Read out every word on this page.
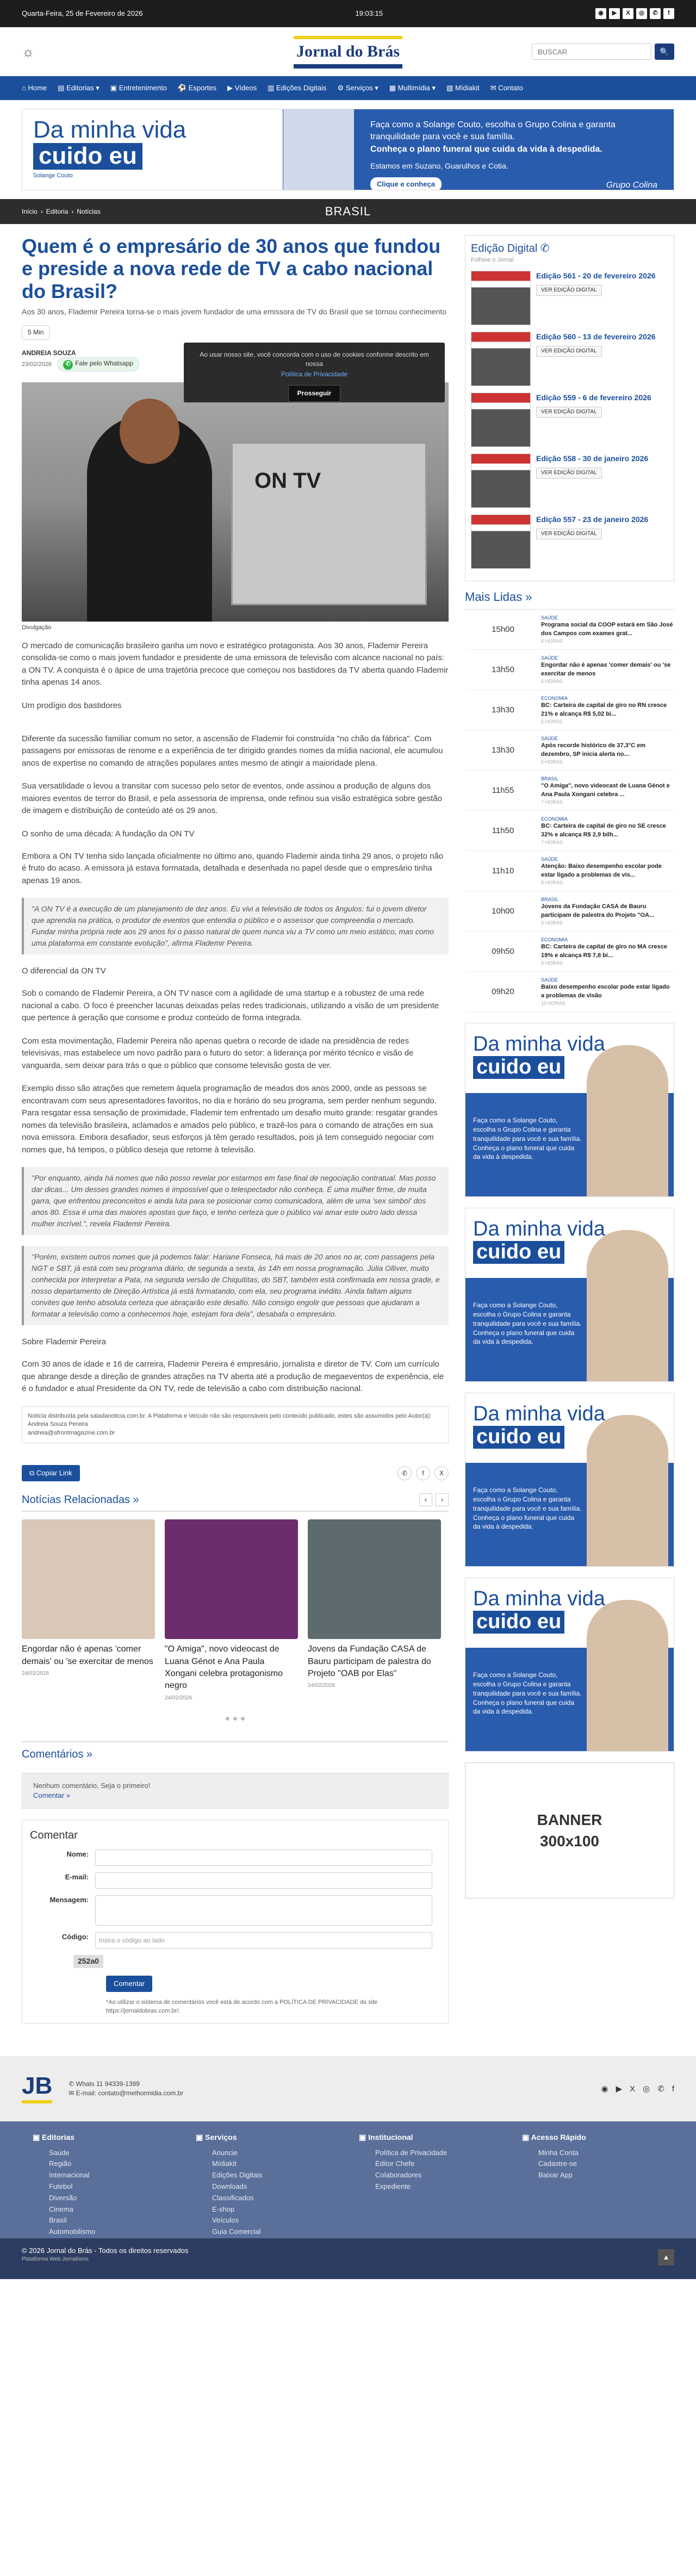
Quarta-Feira, 25 de Fevereiro de 2026	19:03:15	◉	▶	X	◎	✆	f
☼	Jornal do Brás
BUSCAR	🔍
⌂ Home ▤ Editorias ▾ ▣ Entretenimento ⚽ Esportes ▶ Vídeos ▥ Edições Digitais ⚙ Serviços ▾ ▦ Multimídia ▾ ▧ Mídiakit ✉ Contato
Da minha vida
cuido eu
Solange Couto
Faça como a Solange Couto, escolha o Grupo Colina e garanta tranquilidade para você e sua família.
Conheça o plano funeral que cuida da vida à despedida.
Estamos em Suzano, Guarulhos e Cotia.
Clique e conheça	Grupo Colina
Início › Editoria › Notícias	BRASIL
Quem é o empresário de 30 anos que fundou e preside a nova rede de TV a cabo nacional do Brasil?
Aos 30 anos, Flademir Pereira torna-se o mais jovem fundador de uma emissora de TV do Brasil que se tornou conhecimento
5 Min
ANDREIA SOUZA
23/02/2026	✆ Fale pelo Whatsapp
ON TV
Divulgação

O mercado de comunicação brasileiro ganha um novo e estratégico protagonista. Aos 30 anos, Flademir Pereira consolida-se como o mais jovem fundador e presidente de uma emissora de televisão com alcance nacional no país: a ON TV. A conquista é o ápice de uma trajetória precoce que começou nos bastidores da TV aberta quando Flademir tinha apenas 14 anos.

Um prodígio dos bastidores

Diferente da sucessão familiar comum no setor, a ascensão de Flademir foi construída "no chão da fábrica". Com passagens por emissoras de renome e a experiência de ter dirigido grandes nomes da mídia nacional, ele acumulou anos de expertise no comando de atrações populares antes mesmo de atingir a maioridade plena.

Sua versatilidade o levou a transitar com sucesso pelo setor de eventos, onde assinou a produção de alguns dos maiores eventos de terror do Brasil, e pela assessoria de imprensa, onde refinou sua visão estratégica sobre gestão de imagem e distribuição de conteúdo até os 29 anos.

O sonho de uma década: A fundação da ON TV

Embora a ON TV tenha sido lançada oficialmente no último ano, quando Flademir ainda tinha 29 anos, o projeto não é fruto do acaso. A emissora já estava formatada, detalhada e desenhada no papel desde que o empresário tinha apenas 19 anos.

"A ON TV é a execução de um planejamento de dez anos. Eu vivi a televisão de todos os ângulos: fui o jovem diretor que aprendia na prática, o produtor de eventos que entendia o público e o assessor que compreendia o mercado. Fundar minha própria rede aos 29 anos foi o passo natural de quem nunca viu a TV como um meio estático, mas como uma plataforma em constante evolução", afirma Flademir Pereira.
O diferencial da ON TV

Sob o comando de Flademir Pereira, a ON TV nasce com a agilidade de uma startup e a robustez de uma rede nacional a cabo. O foco é preencher lacunas deixadas pelas redes tradicionais, utilizando a visão de um presidente que pertence à geração que consome e produz conteúdo de forma integrada.

Com esta movimentação, Flademir Pereira não apenas quebra o recorde de idade na presidência de redes televisivas, mas estabelece um novo padrão para o futuro do setor: a liderança por mérito técnico e visão de vanguarda, sem deixar para trás o que o público que consome televisão gosta de ver.

Exemplo disso são atrações que remetem àquela programação de meados dos anos 2000, onde as pessoas se encontravam com seus apresentadores favoritos, no dia e horário do seu programa, sem perder nenhum segundo. Para resgatar essa sensação de proximidade, Flademir tem enfrentado um desafio muito grande: resgatar grandes nomes da televisão brasileira, aclamados e amados pelo público, e trazê-los para o comando de atrações em sua nova emissora. Embora desafiador, seus esforços já têm gerado resultados, pois já tem conseguido negociar com nomes que, há tempos, o público deseja que retorne à televisão.

"Por enquanto, ainda há nomes que não posso revelar por estarmos em fase final de negociação contratual. Mas posso dar dicas... Um desses grandes nomes é impossível que o telespectador não conheça. É uma mulher firme, de muita garra, que enfrentou preconceitos e ainda luta para se posicionar como comunicadora, além de uma 'sex simbol' dos anos 80. Essa é uma das maiores apostas que faço, e tenho certeza que o público vai amar este outro lado dessa mulher incrível.", revela Flademir Pereira.
"Porém, existem outros nomes que já podemos falar: Hariane Fonseca, há mais de 20 anos no ar, com passagens pela NGT e SBT, já está com seu programa diário, de segunda a sexta, às 14h em nossa programação. Julia Olliver, muito conhecida por interpretar a Pata, na segunda versão de Chiquititas, do SBT, também está confirmada em nossa grade, e nosso departamento de Direção Artística já está formatando, com ela, seu programa inédito. Ainda faltam alguns convites que tenho absoluta certeza que abraçarão este desafio. Não consigo engolir que pessoas que ajudaram a formatar a televisão como a conhecemos hoje, estejam fora dela", desabafa o empresário.
Sobre Flademir Pereira

Com 30 anos de idade e 16 de carreira, Flademir Pereira é empresário, jornalista e diretor de TV. Com um currículo que abrange desde a direção de grandes atrações na TV aberta até a produção de megaeventos de experiência, ele é o fundador e atual Presidente da ON TV, rede de televisão a cabo com distribuição nacional.

Notícia distribuída pela saladanoticia.com.br. A Plataforma e Veículo não são responsáveis pelo conteúdo publicado, estes são assumidos pelo Autor(a):
Andreia Souza Pereira
andreia@afrontmagazine.com.br
⧉ Copiar Link	✆	f	X
Notícias Relacionadas »	‹	›
Engordar não é apenas 'comer demais' ou 'se exercitar de menos
24/02/2026
"O Amiga", novo videocast de Luana Génot e Ana Paula Xongani celebra protagonismo negro
24/02/2026
Jovens da Fundação CASA de Bauru participam de palestra do Projeto "OAB por Elas"
24/02/2026
● ● ●
Comentários »
Nenhum comentário, Seja o primeiro!
Comentar »
Comentar
Nome:
E-mail:
Mensagem:
Código:	Insira o código ao lado
252a0
Comentar
*Ao utilizar o sistema de comentários você está de acordo com a POLÍTICA DE PRIVACIDADE do site https://jornaldobras.com.br/.
Edição Digital ✆
Folheie o Jornal
Edição 561 - 20 de fevereiro 2026
VER EDIÇÃO DIGITAL
Edição 560 - 13 de fevereiro 2026
VER EDIÇÃO DIGITAL
Edição 559 - 6 de fevereiro 2026
VER EDIÇÃO DIGITAL
Edição 558 - 30 de janeiro 2026
VER EDIÇÃO DIGITAL
Edição 557 - 23 de janeiro 2026
VER EDIÇÃO DIGITAL
Mais Lidas »
15h00
SAÚDE
Programa social da COOP estará em São José dos Campos com exames grat...
5 HORAS
13h50
SAÚDE
Engordar não é apenas 'comer demais' ou 'se exercitar de menos
5 HORAS
13h30
ECONOMIA
BC: Carteira de capital de giro no RN cresce 21% e alcança R$ 5,02 bi...
5 HORAS
13h30
SAÚDE
Após recorde histórico de 37,3°C em dezembro, SP inicia alerta no...
5 HORAS
11h55
BRASIL
"O Amiga", novo videocast de Luana Génot e Ana Paula Xongani celebra ...
7 HORAS
11h50
ECONOMIA
BC: Carteira de capital de giro no SE cresce 32% e alcança R$ 2,9 bilh...
7 HORAS
11h10
SAÚDE
Atenção: Baixo desempenho escolar pode estar ligado a problemas de vis...
8 HORAS
10h00
BRASIL
Jovens da Fundação CASA de Bauru participam de palestra do Projeto "OA...
9 HORAS
09h50
ECONOMIA
BC: Carteira de capital de giro no MA cresce 19% e alcança R$ 7,8 bi...
9 HORAS
09h20
SAÚDE
Baixo desempenho escolar pode estar ligado a problemas de visão
10 HORAS
Da minha vida
cuido eu
Faça como a Solange Couto, escolha o Grupo Colina e garanta tranquilidade para você e sua família. Conheça o plano funeral que cuida da vida à despedida.
Da minha vida
cuido eu
Faça como a Solange Couto, escolha o Grupo Colina e garanta tranquilidade para você e sua família. Conheça o plano funeral que cuida da vida à despedida.
Da minha vida
cuido eu
Faça como a Solange Couto, escolha o Grupo Colina e garanta tranquilidade para você e sua família. Conheça o plano funeral que cuida da vida à despedida.
Da minha vida
cuido eu
Faça como a Solange Couto, escolha o Grupo Colina e garanta tranquilidade para você e sua família. Conheça o plano funeral que cuida da vida à despedida.
BANNER
300x100
Ao usar nosso site, você concorda com o uso de cookies conforme descrito em nossa
Política de Privacidade
Prosseguir
JB	✆ Whats 11 94339-1399
✉ E-mail: contato@melhormidia.com.br	◉ ▶ X ◎ ✆ f
▣ Editorias
Saúde
Região
Internacional
Futebol
Diversão
Cinema
Brasil
Automobilismo
▣ Serviços
Anuncie
Mídiakit
Edições Digitais
Downloads
Classificados
E-shop
Veículos
Guia Comercial
▣ Institucional
Política de Privacidade
Editor Chefe
Colaboradores
Expediente
▣ Acesso Rápido
Minha Conta
Cadastre-se
Baixar App
© 2026 Jornal do Brás - Todos os direitos reservados
Plataforma Web Jornalismo	▲
